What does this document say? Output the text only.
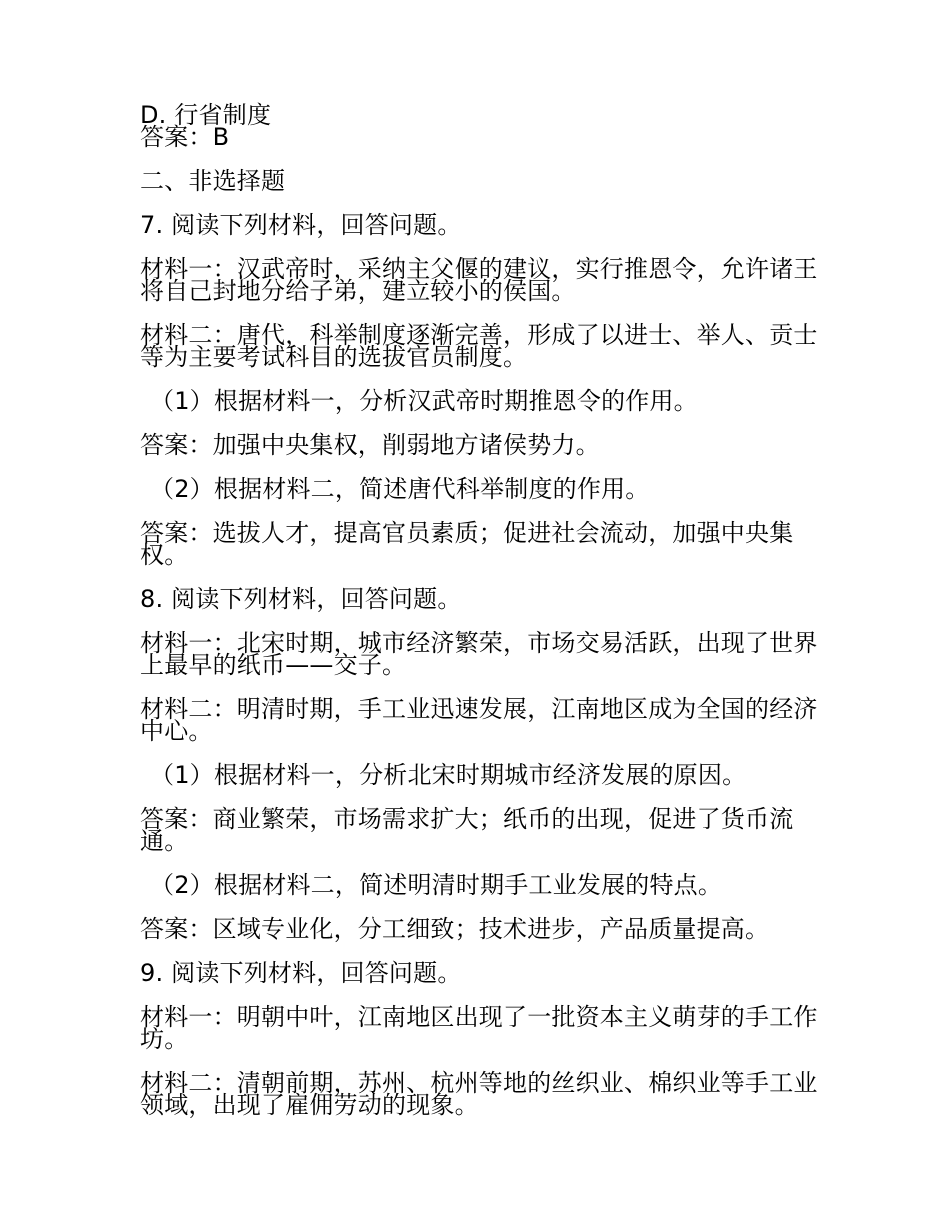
D. 行省制度
答案：B
二、非选择题
7. 阅读下列材料，回答问题。
材料一：汉武帝时，采纳主父偃的建议，实行推恩令，允许诸王将自己封地分给子弟，建立较小的侯国。
材料二：唐代，科举制度逐渐完善，形成了以进士、举人、贡士等为主要考试科目的选拔官员制度。
（1）根据材料一，分析汉武帝时期推恩令的作用。
答案：加强中央集权，削弱地方诸侯势力。
（2）根据材料二，简述唐代科举制度的作用。
答案：选拔人才，提高官员素质；促进社会流动，加强中央集权。
8. 阅读下列材料，回答问题。
材料一：北宋时期，城市经济繁荣，市场交易活跃，出现了世界上最早的纸币——交子。
材料二：明清时期，手工业迅速发展，江南地区成为全国的经济中心。
（1）根据材料一，分析北宋时期城市经济发展的原因。
答案：商业繁荣，市场需求扩大；纸币的出现，促进了货币流通。
（2）根据材料二，简述明清时期手工业发展的特点。
答案：区域专业化，分工细致；技术进步，产品质量提高。
9. 阅读下列材料，回答问题。
材料一：明朝中叶，江南地区出现了一批资本主义萌芽的手工作坊。
材料二：清朝前期，苏州、杭州等地的丝织业、棉织业等手工业领域，出现了雇佣劳动的现象。
